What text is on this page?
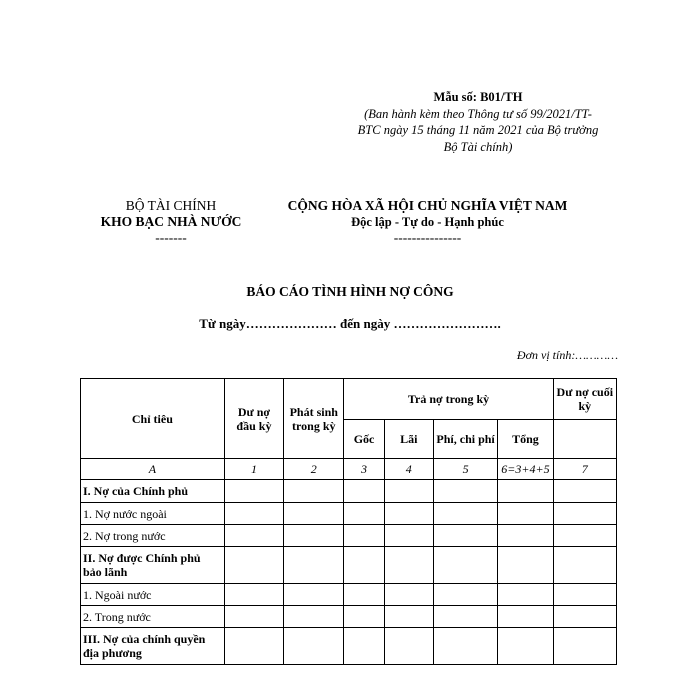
Mẫu số: B01/TH
(Ban hành kèm theo Thông tư số 99/2021/TT-
BTC ngày 15 tháng 11 năm 2021 của Bộ trưởng
Bộ Tài chính)
BỘ TÀI CHÍNH
KHO BẠC NHÀ NƯỚC
-------
CỘNG HÒA XÃ HỘI CHỦ NGHĨA VIỆT NAM
Độc lập - Tự do - Hạnh phúc
---------------
BÁO CÁO TÌNH HÌNH NỢ CÔNG
Từ ngày………………… đến ngày …………………….
Đơn vị tính:…………
Chỉ tiêu	Dư nợ đầu kỳ	Phát sinh trong kỳ	Trả nợ trong kỳ				Dư nợ cuối kỳ
			Gốc	Lãi	Phí, chi phí	Tổng	
A	1	2	3	4	5	6=3+4+5	7
I. Nợ của Chính phủ							
1. Nợ nước ngoài							
2. Nợ trong nước							
II. Nợ được Chính phủ bảo lãnh							
1. Ngoài nước							
2. Trong nước							
III. Nợ của chính quyền địa phương							
